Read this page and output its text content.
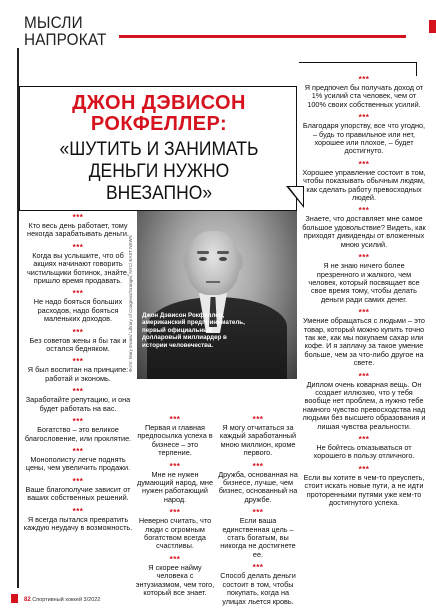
МЫСЛИ
НАПРОКАТ
ДЖОН ДЭВИСОН РОКФЕЛЛЕР:
«ШУТИТЬ И ЗАНИМАТЬ ДЕНЬГИ НУЖНО ВНЕЗАПНО»
Джон Дэвисон Рокфеллер, американский предприниматель, первый официальный долларовый миллиардер в истории человечества.
Фото: Mary Evans/ Library of Congress/Granger, NYC/ EAST NEWS
***
Кто весь день работает, тому некогда зарабатывать деньги.
***
Когда вы услышите, что об акциях начинают говорить чистильщики ботинок, знайте, пришло время продавать.
***
Не надо бояться больших расходов, надо бояться маленьких доходов.
***
Без советов жены я бы так и остался бедняком.
***
Я был воспитан на принципе: работай и экономь.
***
Заработайте репутацию, и она будет работать на вас.
***
Богатство – это великое благословение, или проклятие.
***
Монополисту легче поднять цены, чем увеличить продажи.
***
Ваше благополучие зависит от ваших собственных решений.
***
Я всегда пытался превратить каждую неудачу в возможность.
***
Я предпочел бы получать доход от 1% усилий ста человек, чем от 100% своих собственных усилий.
***
Благодаря упорству, все что угодно, – будь то правильное или нет, хорошее или плохое, – будет достигнуто.
***
Хорошее управление состоит в том, чтобы показывать обычным людям, как сделать работу превосходных людей.
***
Знаете, что доставляет мне самое большое удовольствие? Видеть, как приходят дивиденды от вложенных мною усилий.
***
Я не знаю ничего более презренного и жалкого, чем человек, который посвящает все свое время тому, чтобы делать деньги ради самих денег.
***
Умение обращаться с людьми – это товар, который можно купить точно так же, как мы покупаем сахар или кофе. И я заплачу за такое умение больше, чем за что-либо другое на свете.
***
Диплом очень коварная вещь. Он создает иллюзию, что у тебя вообще нет проблем, а нужно тебе намного чувство превосходства над людьми без высшего образования и лишая чувства реальности.
***
Не бойтесь отказываться от хорошего в пользу отличного.
***
Если вы хотите в чем-то преуспеть, стоит искать новые пути, а не идти проторенными путями уже кем-то достигнутого успеха.
***
Первая и главная предпосылка успеха в бизнесе – это терпение.
***
Мне не нужен думающий народ, мне нужен работающий народ.
***
Неверно считать, что люди с огромным богатством всегда счастливы.
***
Я скорее найму человека с энтузиазмом, чем того, который все знает.
***
Я могу отчитаться за каждый заработанный мною миллион, кроме первого.
***
Дружба, основанная на бизнесе, лучше, чем бизнес, основанный на дружбе.
***
Если ваша единственная цель – стать богатым, вы никогда не достигнете ее.
***
Способ делать деньги состоит в том, чтобы покупать, когда на улицах льется кровь.
82 Спортивный хоккей 3/2022
